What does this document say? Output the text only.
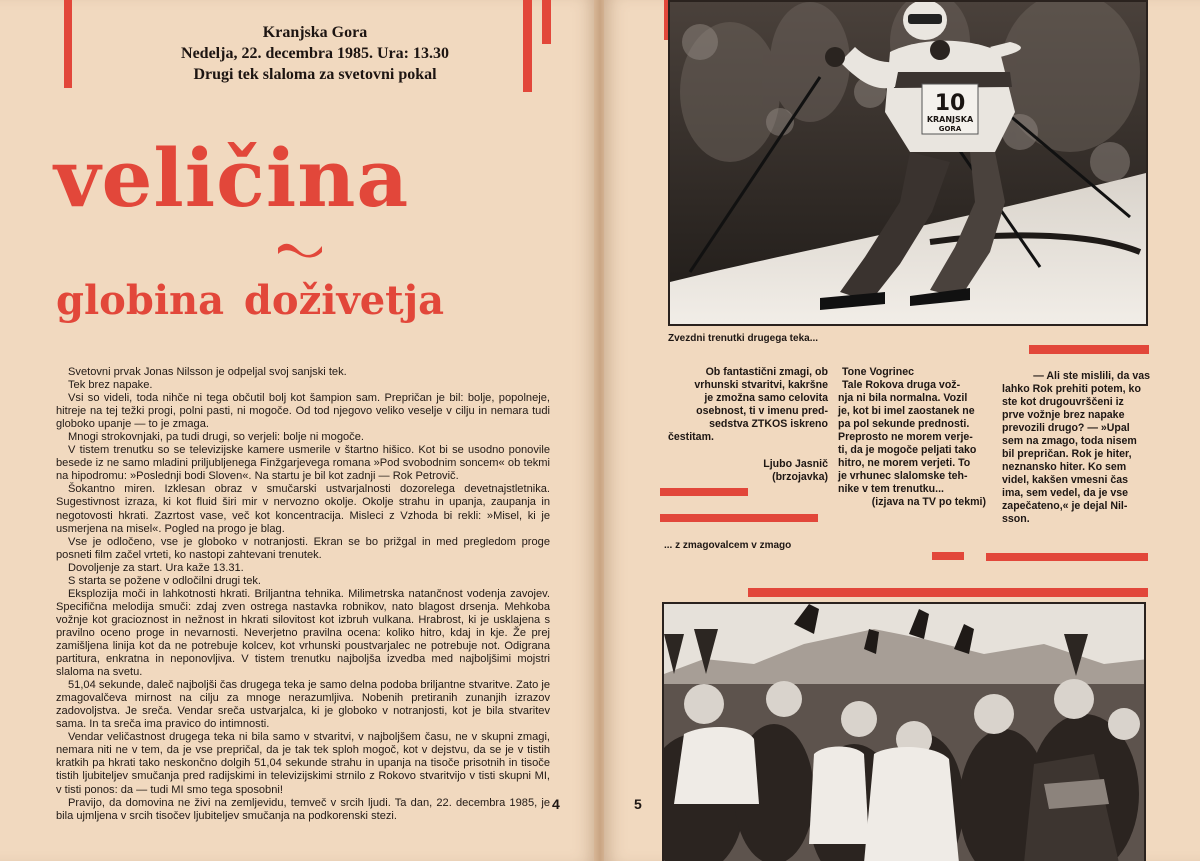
Kranjska Gora
Nedelja, 22. decembra 1985. Ura: 13.30
Drugi tek slaloma za svetovni pokal
veličina
globina doživetja

Svetovni prvak Jonas Nilsson je odpeljal svoj sanjski tek.

Tek brez napake.

Vsi so videli, toda nihče ni tega občutil bolj kot šampion sam. Prepričan je bil: bolje, popolneje, hitreje na tej težki progi, polni pasti, ni mogoče. Od tod njegovo veliko veselje v cilju in nemara tudi globoko upanje — to je zmaga.

Mnogi strokovnjaki, pa tudi drugi, so verjeli: bolje ni mogoče.

V tistem trenutku so se televizijske kamere usmerile v štartno hišico. Kot bi se usodno ponovile besede iz ne samo mladini priljubljenega Finžgarjevega romana »Pod svobodnim soncem« ob tekmi na hipodromu: »Poslednji bodi Sloven«. Na startu je bil kot zadnji — Rok Petrovič.

Šokantno miren. Izklesan obraz v smučarski ustvarjalnosti dozorelega devetnajstletnika. Sugestivnost izraza, ki kot fluid širi mir v nervozno okolje. Okolje strahu in upanja, zaupanja in negotovosti hkrati. Zazrtost vase, več kot koncentracija. Mislеci z Vzhoda bi rekli: »Misel, ki je usmerjena na misel«. Pogled na progo je blag.

Vse je odločeno, vse je globoko v notranjosti. Ekran se bo prižgal in med pregledom proge posneti film začel vrteti, ko nastopi zahtevani trenutek.

Dovoljenje za start. Ura kaže 13.31.

S starta se požene v odločilni drugi tek.

Eksplozija moči in lahkotnosti hkrati. Briljantna tehnika. Milimetrska natančnost vodenja zavojev. Specifična melodija smuči: zdaj zven ostrega nastavka robnikov, nato blagost drsenja. Mehkoba vožnje kot gracioznost in nežnost in hkrati silovitost kot izbruh vulkana. Hrabrost, ki je usklajena s pravilno oceno proge in nevarnosti. Neverjetno pravilna ocena: koliko hitro, kdaj in kje. Že prej zamišljena linija kot da ne potrebuje kolcev, kot vrhunski poustvarjalec ne potrebuje not. Odigrana partitura, enkratna in neponovljiva. V tistem trenutku najboljša izvedba med najboljšimi mojstri slaloma na svetu.

51,04 sekunde, daleč najboljši čas drugega teka je samo delna podoba briljantne stvaritve. Zato je zmagovalčeva mirnost na cilju za mnoge nerazumljiva. Nobenih pretiranih zunanjih izrazov zadovoljstva. Je sreča. Vendar sreča ustvarjalca, ki je globoko v notranjosti, kot je bila stvaritev sama. In ta sreča ima pravico do intimnosti.

Vendar veličastnost drugega teka ni bila samo v stvaritvi, v najboljšem času, ne v skupni zmagi, nemara niti ne v tem, da je vse prepričal, da je tak tek sploh mogoč, kot v dejstvu, da se je v tistih kratkih pa hkrati tako neskončno dolgih 51,04 sekunde strahu in upanja na tisoče prisotnih in tisoče tistih ljubiteljev smučanja pred radijskimi in televizijskimi strnilo z Rokovo stvaritvijo v tisti skupni MI, v tisti ponos: da — tudi MI smo tega sposobni!

Pravijo, da domovina ne živi na zemljevidu, temveč v srcih ljudi. Ta dan, 22. decembra 1985, je bila ujmljena v srcih tisočev ljubiteljev smučanja na podkorenski stezi.

4
10
KRANJSKA
GORA
Zvezdni trenutki drugega teka...
Ob fantastični zmagi, ob
vrhunski stvaritvi, kakršne
je zmožna samo celovita
osebnost, ti v imenu pred-
sedstva ZTKOS iskreno
čestitam.
Ljubo Jasnič
(brzojavka)
Tone Vogrinec
Tale Rokova druga vož-
nja ni bila normalna. Vozil
je, kot bi imel zaostanek ne
pa pol sekunde prednosti.
Preprosto ne morem verje-
ti, da je mogoče peljati tako
hitro, ne morem verjeti. To
je vrhunec slalomske teh-
nike v tem trenutku...
(izjava na TV po tekmi)
— Ali ste mislili, da vas
lahko Rok prehiti potem, ko
ste kot drugouvrščeni iz
prve vožnje brez napake
prevozili drugo? — »Upal
sem na zmago, toda nisem
bil prepričan. Rok je hiter,
neznansko hiter. Ko sem
videl, kakšen vmesni čas
ima, sem vedel, da je vse
zapečateno,« je dejal Nil-
sson.
... z zmagovalcem v zmago
5
